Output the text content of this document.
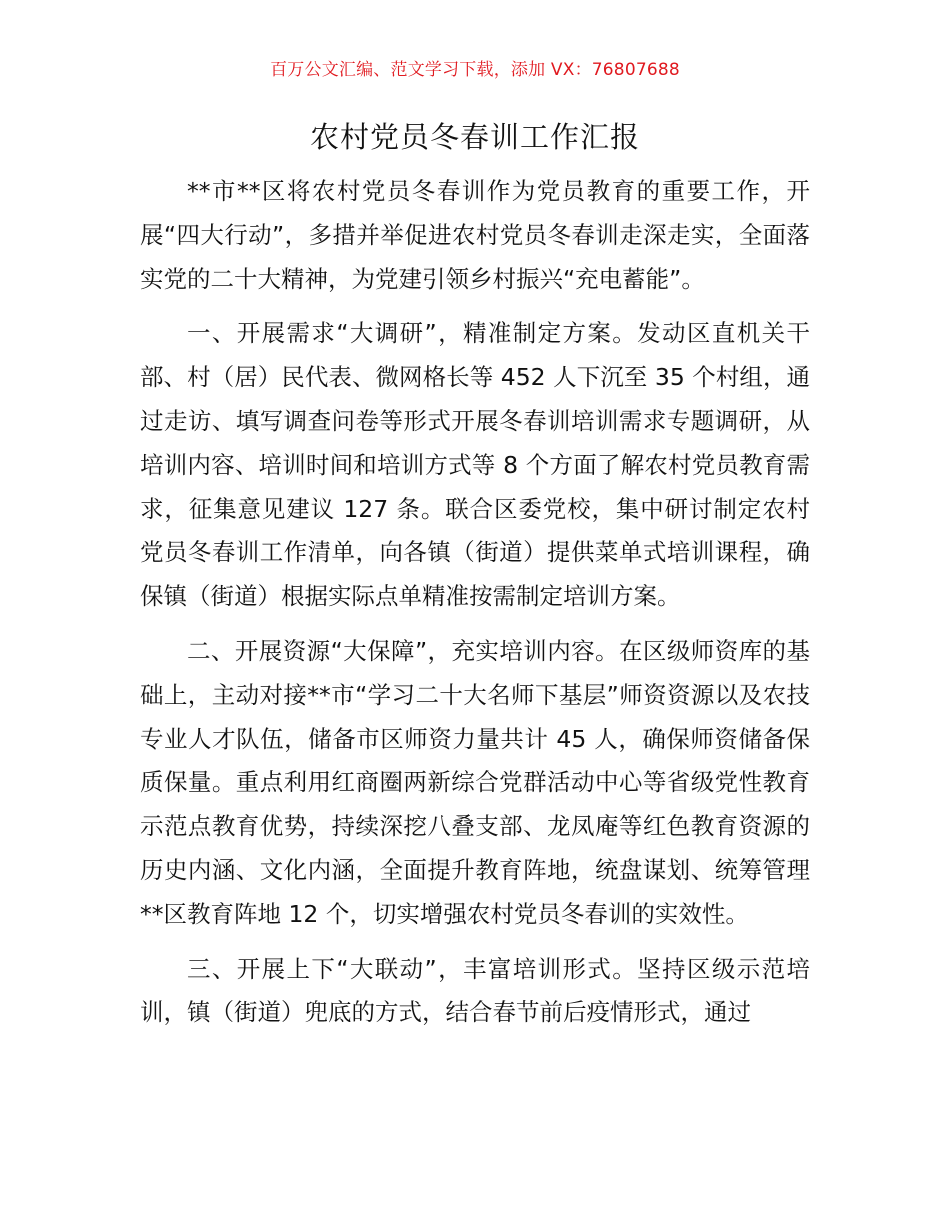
百万公文汇编、范文学习下载，添加 VX：76807688
农村党员冬春训工作汇报

**市**区将农村党员冬春训作为党员教育的重要工作，开展“四大行动”，多措并举促进农村党员冬春训走深走实，全面落实党的二十大精神，为党建引领乡村振兴“充电蓄能”。

一、开展需求“大调研”，精准制定方案。发动区直机关干部、村（居）民代表、微网格长等 452 人下沉至 35 个村组，通过走访、填写调查问卷等形式开展冬春训培训需求专题调研，从培训内容、培训时间和培训方式等 8 个方面了解农村党员教育需求，征集意见建议 127 条。联合区委党校，集中研讨制定农村党员冬春训工作清单，向各镇（街道）提供菜单式培训课程，确保镇（街道）根据实际点单精准按需制定培训方案。

二、开展资源“大保障”，充实培训内容。在区级师资库的基础上，主动对接**市“学习二十大名师下基层”师资资源以及农技专业人才队伍，储备市区师资力量共计 45 人，确保师资储备保质保量。重点利用红商圈两新综合党群活动中心等省级党性教育示范点教育优势，持续深挖八叠支部、龙凤庵等红色教育资源的历史内涵、文化内涵，全面提升教育阵地，统盘谋划、统筹管理**区教育阵地 12 个，切实增强农村党员冬春训的实效性。

三、开展上下“大联动”，丰富培训形式。坚持区级示范培训，镇（街道）兜底的方式，结合春节前后疫情形式，通过
